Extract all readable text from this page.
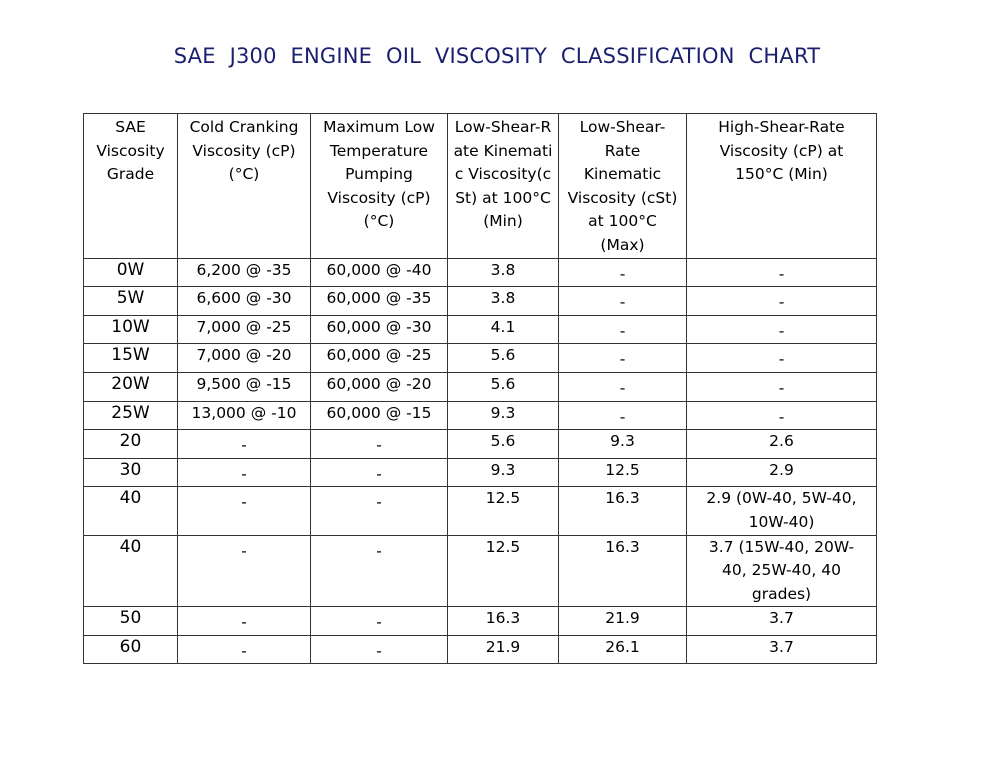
SAE J300 ENGINE OIL VISCOSITY CLASSIFICATION CHART
SAE Viscosity Grade	Cold Cranking Viscosity (cP) (°C)	Maximum Low Temperature Pumping Viscosity (cP) (°C)	Low-Shear-Rate Kinematic Viscosity(cSt) at 100°C (Min)	Low-Shear-Rate Kinematic Viscosity (cSt) at 100°C   (Max)	High-Shear-Rate Viscosity (cP) at 150°C (Min)
0W	6,200 @ -35	60,000 @ -40	3.8	-	-
5W	6,600 @ -30	60,000 @ -35	3.8	-	-
10W	7,000 @ -25	60,000 @ -30	4.1	-	-
15W	7,000 @ -20	60,000 @ -25	5.6	-	-
20W	9,500 @ -15	60,000 @ -20	5.6	-	-
25W	13,000 @ -10	60,000 @ -15	9.3	-	-
20	-	-	5.6	9.3	2.6
30	-	-	9.3	12.5	2.9
40	-	-	12.5	16.3	2.9 (0W-40, 5W-40, 10W-40)
40	-	-	12.5	16.3	3.7 (15W-40, 20W-40, 25W-40, 40 grades)
50	-	-	16.3	21.9	3.7
60	-	-	21.9	26.1	3.7
